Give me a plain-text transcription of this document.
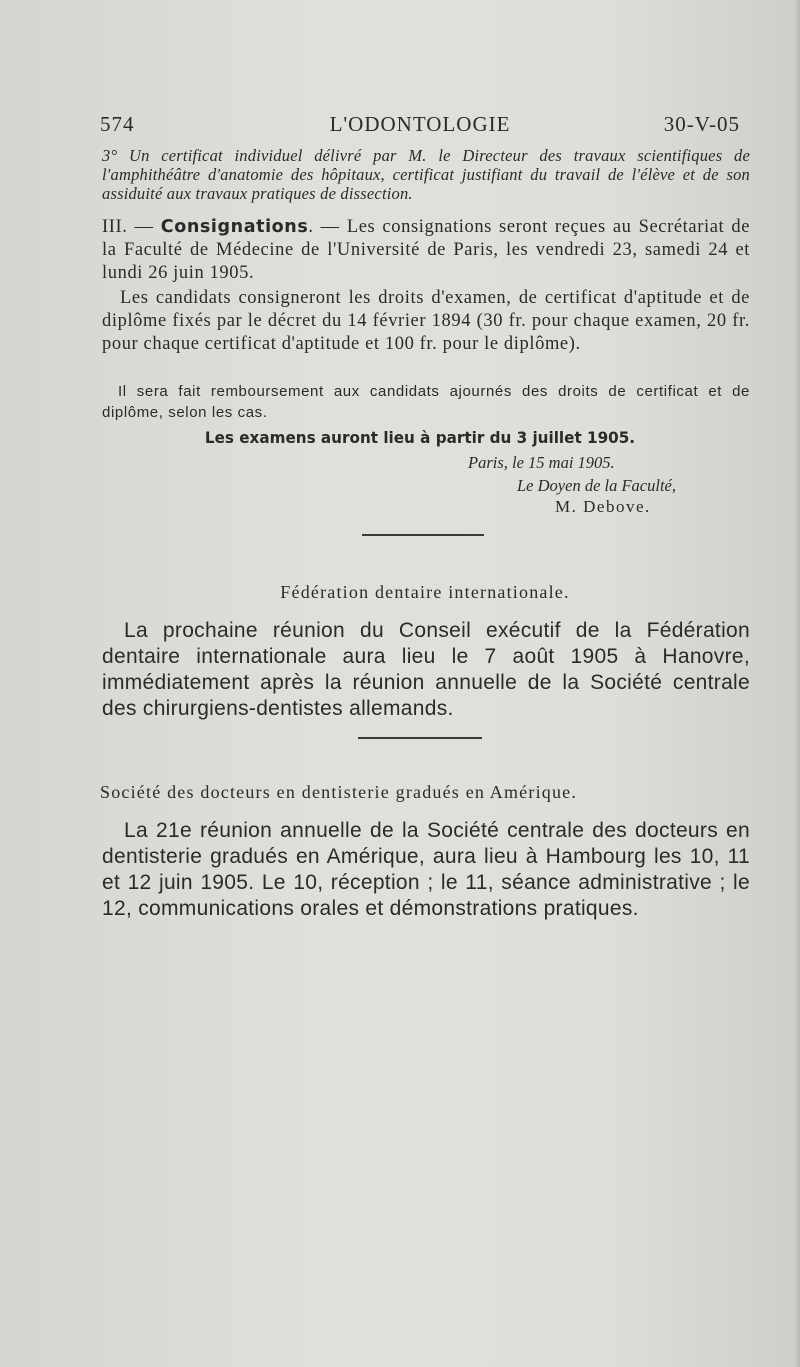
574	L'ODONTOLOGIE	30-V-05
3° Un certificat individuel délivré par M. le Directeur des travaux scientifiques de l'amphithéâtre d'anatomie des hôpitaux, certificat justifiant du travail de l'élève et de son assiduité aux travaux pratiques de dissection.
III. — Consignations. — Les consignations seront reçues au Secrétariat de la Faculté de Médecine de l'Université de Paris, les vendredi 23, samedi 24 et lundi 26 juin 1905.
Les candidats consigneront les droits d'examen, de certificat d'aptitude et de diplôme fixés par le décret du 14 février 1894 (30 fr. pour chaque examen, 20 fr. pour chaque certificat d'aptitude et 100 fr. pour le diplôme).
Il sera fait remboursement aux candidats ajournés des droits de certificat et de diplôme, selon les cas.
Les examens auront lieu à partir du 3 juillet 1905.
Paris, le 15 mai 1905.
Le Doyen de la Faculté,
M. Debove.
Fédération dentaire internationale.
La prochaine réunion du Conseil exécutif de la Fédération dentaire internationale aura lieu le 7 août 1905 à Hanovre, immédiatement après la réunion annuelle de la Société centrale des chirurgiens-dentistes allemands.
Société des docteurs en dentisterie gradués en Amérique.
La 21e réunion annuelle de la Société centrale des docteurs en dentisterie gradués en Amérique, aura lieu à Hambourg les 10, 11 et 12 juin 1905. Le 10, réception ; le 11, séance administrative ; le 12, communications orales et démonstrations pratiques.
